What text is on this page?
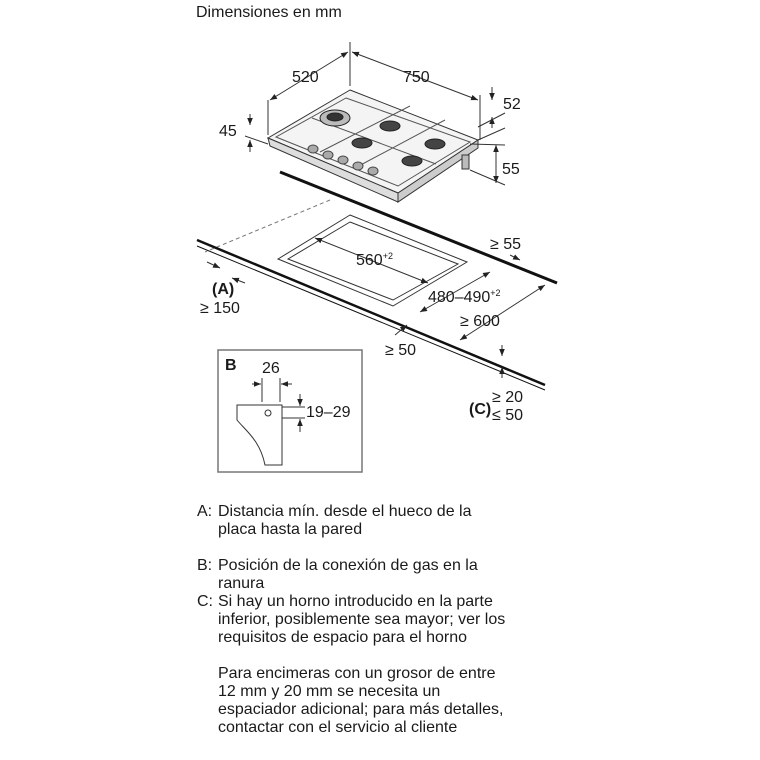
Dimensiones en mm
520	750
45
52
55
$560^{+2}$
$480-490^{+2}$
≥ 55
(A)
≥ 150
≥ 600
≥ 50
≥ 20
≤ 50
(C)
B 26
19–29
A: Distancia mín. desde el hueco de la
placa hasta la pared
B: Posición de la conexión de gas en la
ranura
C: Si hay un horno introducido en la parte
inferior, posiblemente sea mayor; ver los
requisitos de espacio para el horno
Para encimeras con un grosor de entre
12 mm y 20 mm se necesita un
espaciador adicional; para más detalles,
contactar con el servicio al cliente
